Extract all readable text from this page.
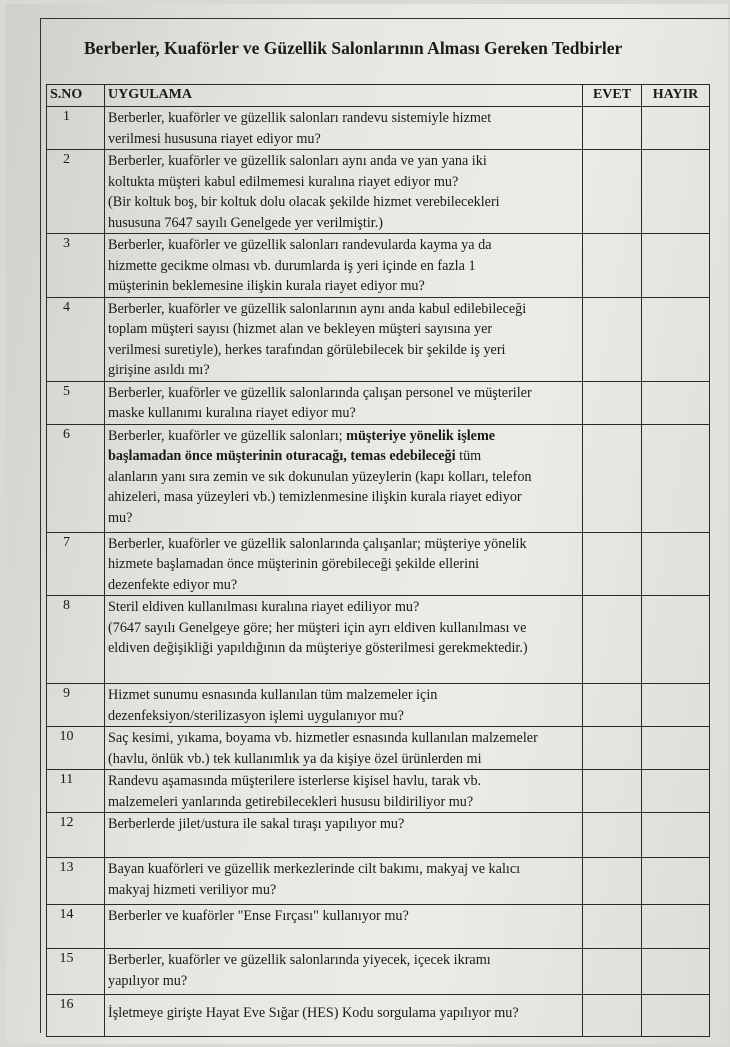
Berberler, Kuaförler ve Güzellik Salonlarının Alması Gereken Tedbirler
S.NO	UYGULAMA	EVET	HAYIR
1	Berberler, kuaförler ve güzellik salonları randevu sistemiyle hizmet
verilmesi hususuna riayet ediyor mu?		

2	Berberler, kuaförler ve güzellik salonları aynı anda ve yan yana iki
koltukta müşteri kabul edilmemesi kuralına riayet ediyor mu?
(Bir koltuk boş, bir koltuk dolu olacak şekilde hizmet verebilecekleri
hususuna 7647 sayılı Genelgede yer verilmiştir.)		

3	Berberler, kuaförler ve güzellik salonları randevularda kayma ya da
hizmette gecikme olması vb. durumlarda iş yeri içinde en fazla 1
müşterinin beklemesine ilişkin kurala riayet ediyor mu?		

4	Berberler, kuaförler ve güzellik salonlarının aynı anda kabul edilebileceği
toplam müşteri sayısı (hizmet alan ve bekleyen müşteri sayısına yer
verilmesi suretiyle), herkes tarafından görülebilecek bir şekilde iş yeri
girişine asıldı mı?		

5	Berberler, kuaförler ve güzellik salonlarında çalışan personel ve müşteriler
maske kullanımı kuralına riayet ediyor mu?		

6	Berberler, kuaförler ve güzellik salonları; müşteriye yönelik işleme
başlamadan önce müşterinin oturacağı, temas edebileceği tüm
alanların yanı sıra zemin ve sık dokunulan yüzeylerin (kapı kolları, telefon
ahizeleri, masa yüzeyleri vb.) temizlenmesine ilişkin kurala riayet ediyor
mu?		

7	Berberler, kuaförler ve güzellik salonlarında çalışanlar; müşteriye yönelik
hizmete başlamadan önce müşterinin görebileceği şekilde ellerini
dezenfekte ediyor mu?		

8	Steril eldiven kullanılması kuralına riayet ediliyor mu?
(7647 sayılı Genelgeye göre; her müşteri için ayrı eldiven kullanılması ve
eldiven değişikliği yapıldığının da müşteriye gösterilmesi gerekmektedir.)		

9	Hizmet sunumu esnasında kullanılan tüm malzemeler için
dezenfeksiyon/sterilizasyon işlemi uygulanıyor mu?		

10	Saç kesimi, yıkama, boyama vb. hizmetler esnasında kullanılan malzemeler
(havlu, önlük vb.) tek kullanımlık ya da kişiye özel ürünlerden mi		

11	Randevu aşamasında müşterilere isterlerse kişisel havlu, tarak vb.
malzemeleri yanlarında getirebilecekleri hususu bildiriliyor mu?		

12	Berberlerde jilet/ustura ile sakal tıraşı yapılıyor mu?		

13	Bayan kuaförleri ve güzellik merkezlerinde cilt bakımı, makyaj ve kalıcı
makyaj hizmeti veriliyor mu?		

14	Berberler ve kuaförler "Ense Fırçası" kullanıyor mu?		

15	Berberler, kuaförler ve güzellik salonlarında yiyecek, içecek ikramı
yapılıyor mu?		

16	İşletmeye girişte Hayat Eve Sığar (HES) Kodu sorgulama yapılıyor mu?		
